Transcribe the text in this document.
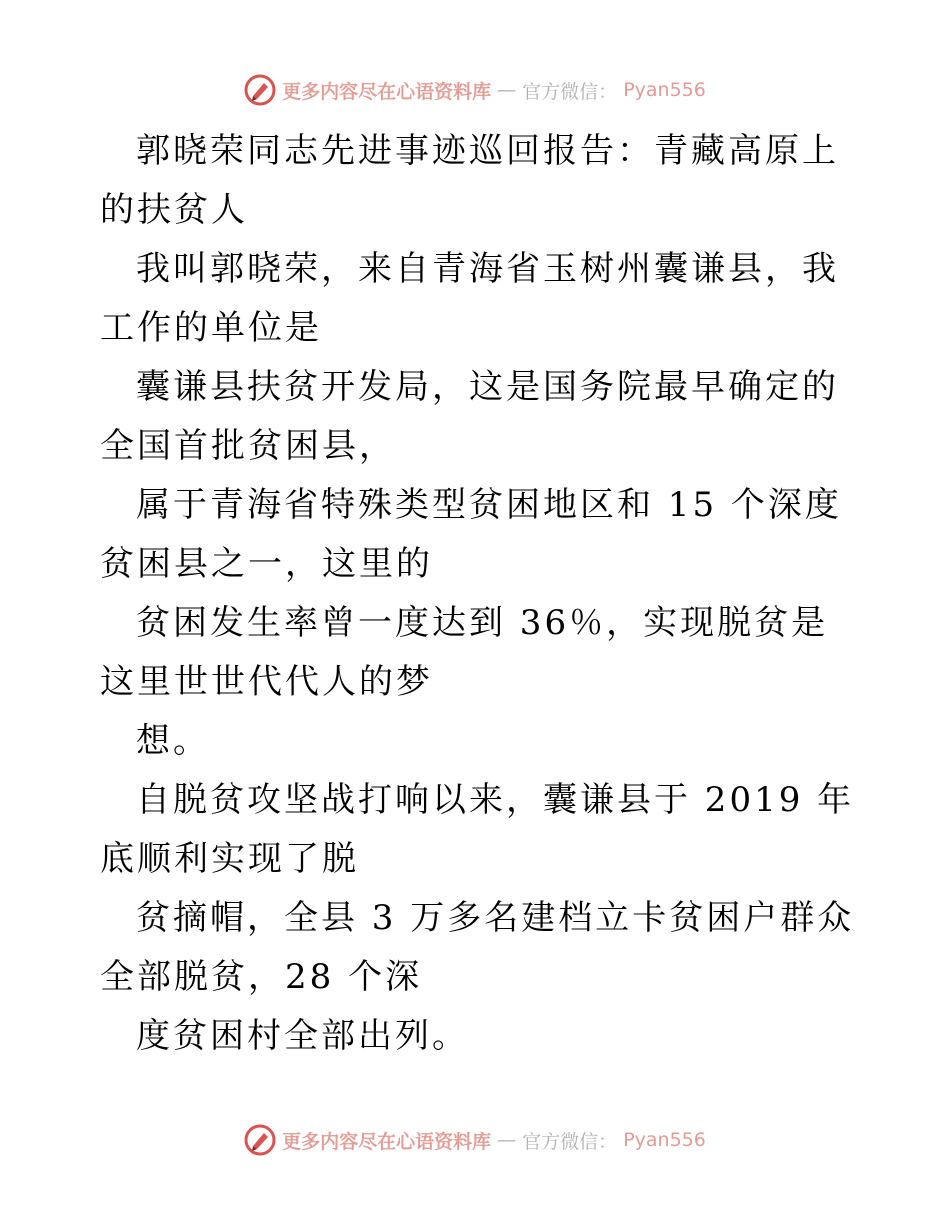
更多内容尽在心语资料库 — 官方微信： Pyan556

郭晓荣同志先进事迹巡回报告：青藏高原上的扶贫人

我叫郭晓荣，来自青海省玉树州囊谦县，我工作的单位是

囊谦县扶贫开发局，这是国务院最早确定的全国首批贫困县，

属于青海省特殊类型贫困地区和 15 个深度贫困县之一，这里的

贫困发生率曾一度达到 36％，实现脱贫是这里世世代代人的梦

想。

自脱贫攻坚战打响以来，囊谦县于 2019 年底顺利实现了脱

贫摘帽，全县 3 万多名建档立卡贫困户群众全部脱贫，28 个深

度贫困村全部出列。

更多内容尽在心语资料库 — 官方微信： Pyan556
